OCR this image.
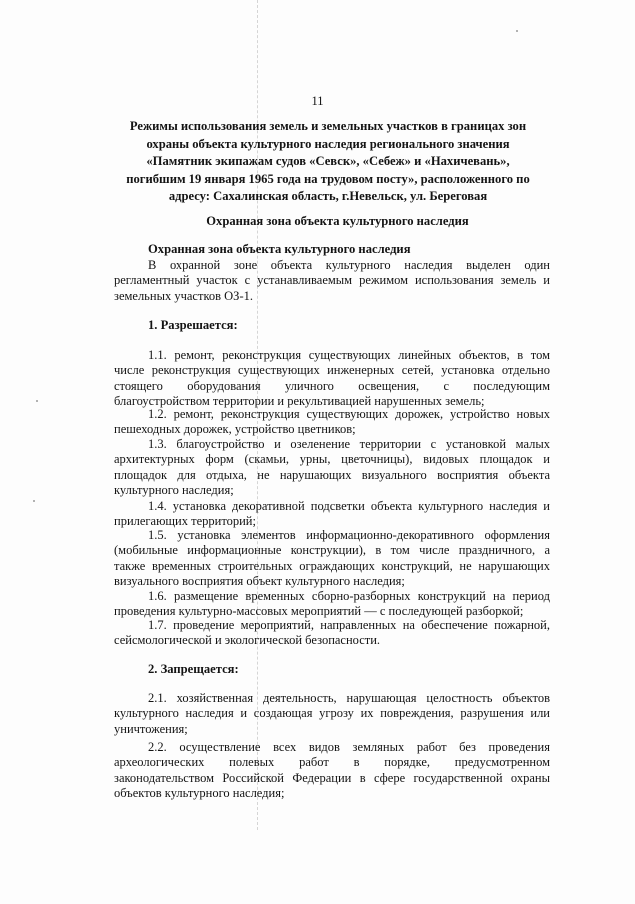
11
Режимы использования земель и земельных участков в границах зон
охраны объекта культурного наследия регионального значения
«Памятник экипажам судов «Севск», «Себеж» и «Нахичевань»,
погибшим 19 января 1965 года на трудовом посту», расположенного по
адресу: Сахалинская область, г.Невельск, ул. Береговая
Охранная зона объекта культурного наследия
Охранная зона объекта культурного наследия
В охранной зоне объекта культурного наследия выделен один
регламентный участок с устанавливаемым режимом использования земель и
земельных участков ОЗ-1.
1. Разрешается:
1.1. ремонт, реконструкция существующих линейных объектов, в том
числе реконструкция существующих инженерных сетей, установка отдельно
стоящего оборудования уличного освещения, с последующим
благоустройством территории и рекультивацией нарушенных земель;
1.2. ремонт, реконструкция существующих дорожек, устройство новых
пешеходных дорожек, устройство цветников;
1.3. благоустройство и озеленение территории с установкой малых
архитектурных форм (скамьи, урны, цветочницы), видовых площадок и
площадок для отдыха, не нарушающих визуального восприятия объекта
культурного наследия;
1.4. установка декоративной подсветки объекта культурного наследия и
прилегающих территорий;
1.5. установка элементов информационно-декоративного оформления
(мобильные информационные конструкции), в том числе праздничного, а
также временных строительных ограждающих конструкций, не нарушающих
визуального восприятия объект культурного наследия;
1.6. размещение временных сборно-разборных конструкций на период
проведения культурно-массовых мероприятий — с последующей разборкой;
1.7. проведение мероприятий, направленных на обеспечение пожарной,
сейсмологической и экологической безопасности.
2. Запрещается:
2.1. хозяйственная деятельность, нарушающая целостность объектов
культурного наследия и создающая угрозу их повреждения, разрушения или
уничтожения;
2.2. осуществление всех видов земляных работ без проведения
археологических полевых работ в порядке, предусмотренном
законодательством Российской Федерации в сфере государственной охраны
объектов культурного наследия;
